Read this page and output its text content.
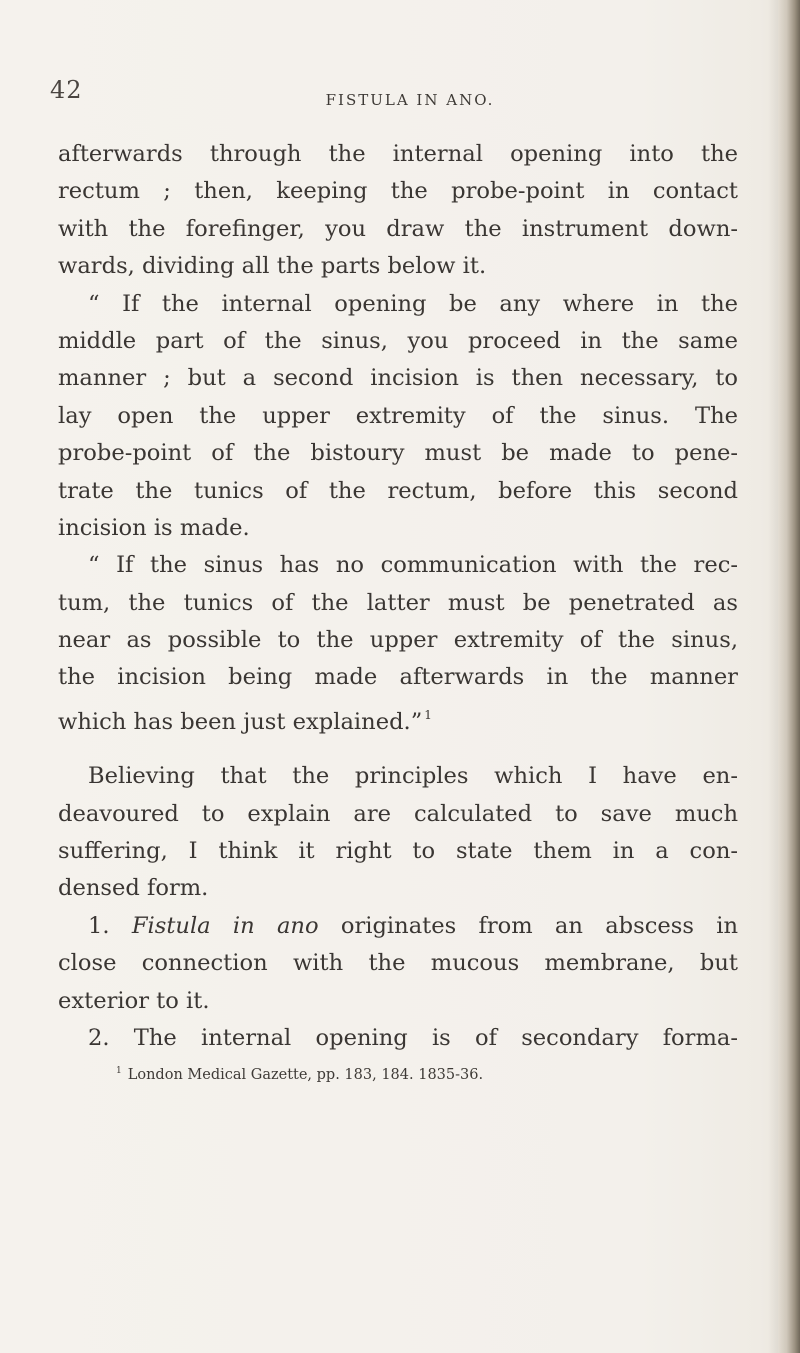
42	FISTULA IN ANO.
afterwards through the internal opening into the
rectum ; then, keeping the probe-point in contact
with the forefinger, you draw the instrument down-
wards, dividing all the parts below it.
“ If the internal opening be any where in the
middle part of the sinus, you proceed in the same
manner ; but a second incision is then necessary, to
lay open the upper extremity of the sinus. The
probe-point of the bistoury must be made to pene-
trate the tunics of the rectum, before this second
incision is made.
“ If the sinus has no communication with the rec-
tum, the tunics of the latter must be penetrated as
near as possible to the upper extremity of the sinus,
the incision being made afterwards in the manner
which has been just explained.” $^1$
Believing that the principles which I have en-
deavoured to explain are calculated to save much
suffering, I think it right to state them in a con-
densed form.
1. Fistula in ano originates from an abscess in
close connection with the mucous membrane, but
exterior to it.
2. The internal opening is of secondary forma-
$^1$ London Medical Gazette, pp. 183, 184. 1835-36.
